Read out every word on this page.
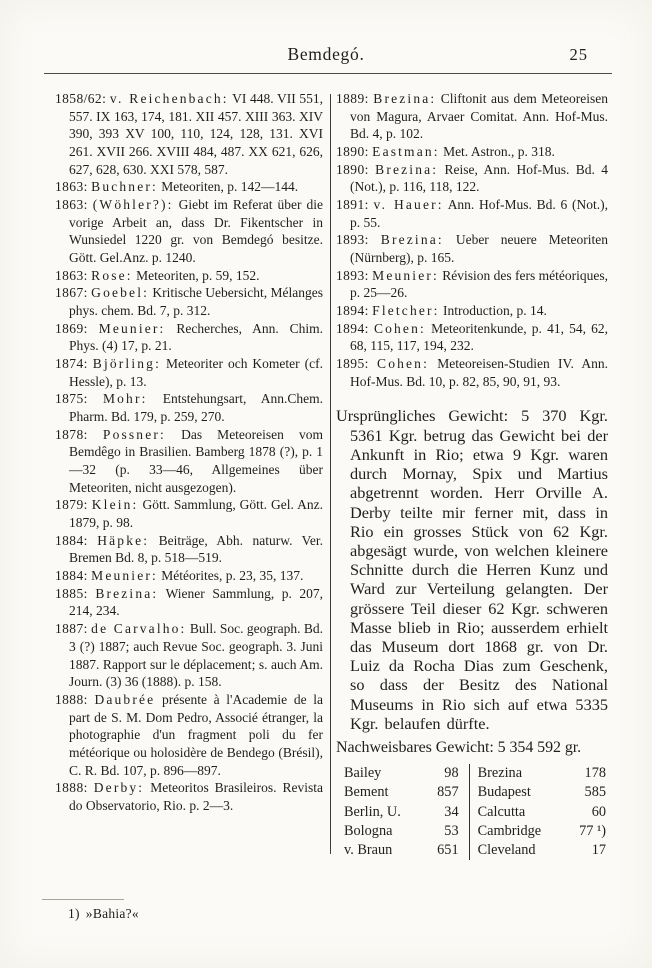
Bemdegó.	25

1858/62: v. Reichenbach: VI 448. VII 551, 557. IX 163, 174, 181. XII 457. XIII 363. XIV 390, 393 XV 100, 110, 124, 128, 131. XVI 261. XVII 266. XVIII 484, 487. XX 621, 626, 627, 628, 630. XXI 578, 587.

1863: Buchner: Meteoriten, p. 142—144.

1863: (Wöhler?): Giebt im Referat über die vorige Arbeit an, dass Dr. Fikentscher in Wunsiedel 1220 gr. von Bemdegó besitze. Gött. Gel.Anz. p. 1240.

1863: Rose: Meteoriten, p. 59, 152.

1867: Goebel: Kritische Uebersicht, Mélanges phys. chem. Bd. 7, p. 312.

1869: Meunier: Recherches, Ann. Chim. Phys. (4) 17, p. 21.

1874: Björling: Meteoriter och Kometer (cf. Hessle), p. 13.

1875: Mohr: Entstehungsart, Ann.Chem. Pharm. Bd. 179, p. 259, 270.

1878: Possner: Das Meteoreisen vom Bemdêgo in Brasilien. Bamberg 1878 (?), p. 1—32 (p. 33—46, Allgemeines über Meteoriten, nicht ausgezogen).

1879: Klein: Gött. Sammlung, Gött. Gel. Anz. 1879, p. 98.

1884: Häpke: Beiträge, Abh. naturw. Ver. Bremen Bd. 8, p. 518—519.

1884: Meunier: Météorites, p. 23, 35, 137.

1885: Brezina: Wiener Sammlung, p. 207, 214, 234.

1887: de Carvalho: Bull. Soc. geograph. Bd. 3 (?) 1887; auch Revue Soc. geograph. 3. Juni 1887. Rapport sur le déplacement; s. auch Am. Journ. (3) 36 (1888). p. 158.

1888: Daubrée présente à l'Academie de la part de S. M. Dom Pedro, Associé étranger, la photographie d'un fragment poli du fer météorique ou holosidère de Bendego (Brésil), C. R. Bd. 107, p. 896—897.

1888: Derby: Meteoritos Brasileiros. Revista do Observatorio, Rio. p. 2—3.

1889: Brezina: Cliftonit aus dem Meteoreisen von Magura, Arvaer Comitat. Ann. Hof-Mus. Bd. 4, p. 102.

1890: Eastman: Met. Astron., p. 318.

1890: Brezina: Reise, Ann. Hof-Mus. Bd. 4 (Not.), p. 116, 118, 122.

1891: v. Hauer: Ann. Hof-Mus. Bd. 6 (Not.), p. 55.

1893: Brezina: Ueber neuere Meteoriten (Nürnberg), p. 165.

1893: Meunier: Révision des fers météoriques, p. 25—26.

1894: Fletcher: Introduction, p. 14.

1894: Cohen: Meteoritenkunde, p. 41, 54, 62, 68, 115, 117, 194, 232.

1895: Cohen: Meteoreisen-Studien IV. Ann. Hof-Mus. Bd. 10, p. 82, 85, 90, 91, 93.

Ursprüngliches Gewicht: 5 370 Kgr. 5361 Kgr. betrug das Gewicht bei der Ankunft in Rio; etwa 9 Kgr. waren durch Mornay, Spix und Martius abgetrennt worden. Herr Orville A. Derby teilte mir ferner mit, dass in Rio ein grosses Stück von 62 Kgr. abgesägt wurde, von welchen kleinere Schnitte durch die Herren Kunz und Ward zur Verteilung gelangten. Der grössere Teil dieser 62 Kgr. schweren Masse blieb in Rio; ausserdem erhielt das Museum dort 1868 gr. von Dr. Luiz da Rocha Dias zum Geschenk, so dass der Besitz des National Museums in Rio sich auf etwa 5335 Kgr. belaufen dürfte.

Nachweisbares Gewicht: 5 354 592 gr.

Bailey	98	Brezina	178
Bement	857	Budapest	585
Berlin, U.	34	Calcutta	60
Bologna	53	Cambridge	77 ¹)
v. Braun	651	Cleveland	17
1) »Bahia?«
